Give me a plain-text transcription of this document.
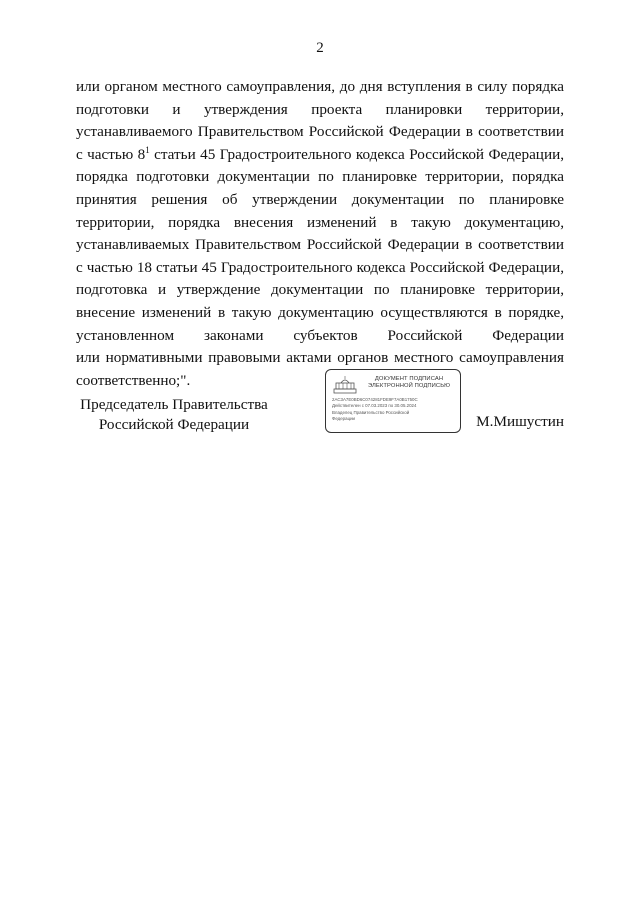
2
или органом местного самоуправления, до дня вступления в силу порядка
подготовки и утверждения проекта планировки территории,
устанавливаемого Правительством Российской Федерации в соответствии
с частью $8^1$ статьи 45 Градостроительного кодекса Российской Федерации,
порядка подготовки документации по планировке территории, порядка
принятия решения об утверждении документации по планировке
территории, порядка внесения изменений в такую документацию,
устанавливаемых Правительством Российской Федерации в соответствии
с частью 18 статьи 45 Градостроительного кодекса Российской Федерации,
подготовка и утверждение документации по планировке территории,
внесение изменений в такую документацию осуществляются в порядке,
установленном законами субъектов Российской Федерации
или нормативными правовыми актами органов местного самоуправления
соответственно;".
Председатель Правительства
Российской Федерации
ДОКУМЕНТ ПОДПИСАН
ЭЛЕКТРОННОЙ ПОДПИСЬЮ
2AC3A7E0BD6C074281FDE9F7A0B1750C
Действителен с 07.03.2023 по 30.05.2024
Владелец Правительство Российской
Федерации	М.Мишустин
